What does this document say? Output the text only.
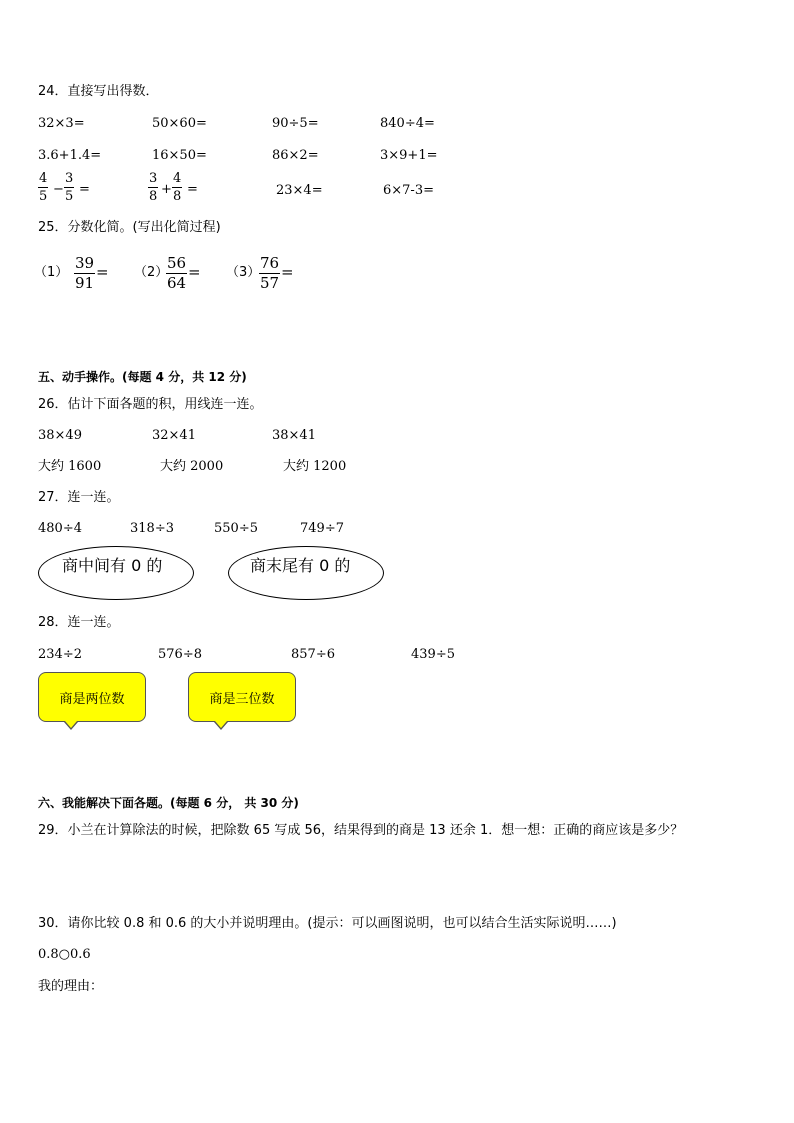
24．直接写出得数．
32×3=	50×60=	90÷5=	840÷4=
3.6+1.4=	16×50=	86×2=	3×9+1=
$\frac{4}{5} - \frac{3}{5}$ =	$\frac{3}{8} + \frac{4}{8}$ =	23×4=	6×7-3=
25．分数化简。(写出化简过程)
$(1) \frac{39}{91} = (2)$
$\frac{56}{64} = (3)$
$\frac{76}{57}$ =
五、动手操作。(每题 4 分，共 12 分)
26．估计下面各题的积，用线连一连。
38×49	32×41	38×41
大约 1600	大约 2000	大约 1200
27．连一连。
480÷4	318÷3	550÷5	749÷7
商中间有 0 的	商末尾有 0 的
28．连一连。
234÷2	576÷8	857÷6	439÷5
商是两位数	商是三位数
六、我能解决下面各题。(每题 6 分， 共 30 分)
29．小兰在计算除法的时候，把除数 65 写成 56，结果得到的商是 13 还余 1．想一想：正确的商应该是多少？
30．请你比较 0.8 和 0.6 的大小并说明理由。(提示：可以画图说明，也可以结合生活实际说明……)
0.8○0.6
我的理由：
